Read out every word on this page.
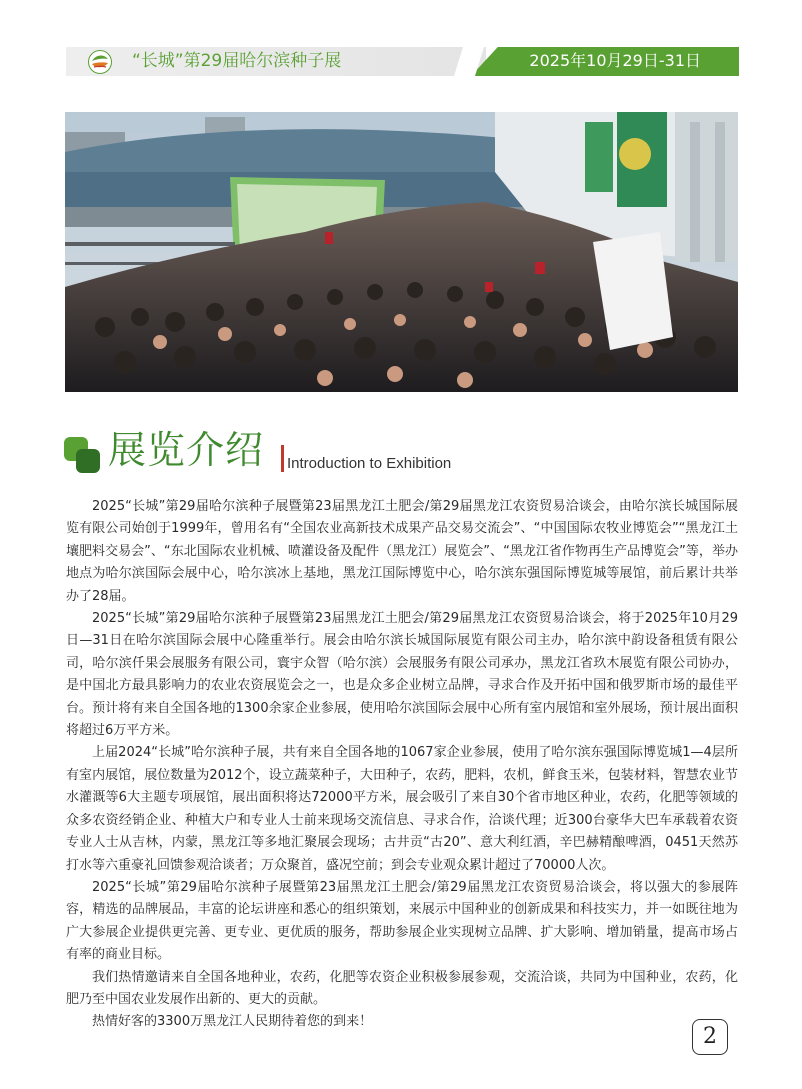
“长城”第29届哈尔滨种子展	2025年10月29日-31日
展览介绍 Introduction to Exhibition

2025“长城”第29届哈尔滨种子展暨第23届黑龙江土肥会/第29届黑龙江农资贸易洽谈会，由哈尔滨长城国际展览有限公司始创于1999年，曾用名有“全国农业高新技术成果产品交易交流会”、“中国国际农牧业博览会”“黑龙江土壤肥料交易会”、“东北国际农业机械、喷灌设备及配件（黑龙江）展览会”、“黑龙江省作物再生产品博览会”等，举办地点为哈尔滨国际会展中心，哈尔滨冰上基地，黑龙江国际博览中心，哈尔滨东强国际博览城等展馆，前后累计共举办了28届。

2025“长城”第29届哈尔滨种子展暨第23届黑龙江土肥会/第29届黑龙江农资贸易洽谈会，将于2025年10月29日—31日在哈尔滨国际会展中心隆重举行。展会由哈尔滨长城国际展览有限公司主办，哈尔滨中韵设备租赁有限公司，哈尔滨仟果会展服务有限公司，寰宇众智（哈尔滨）会展服务有限公司承办，黑龙江省玖木展览有限公司协办，是中国北方最具影响力的农业农资展览会之一，也是众多企业树立品牌，寻求合作及开拓中国和俄罗斯市场的最佳平台。预计将有来自全国各地的1300余家企业参展，使用哈尔滨国际会展中心所有室内展馆和室外展场，预计展出面积将超过6万平方米。

上届2024“长城”哈尔滨种子展，共有来自全国各地的1067家企业参展，使用了哈尔滨东强国际博览城1—4层所有室内展馆，展位数量为2012个，设立蔬菜种子，大田种子，农药，肥料，农机，鲜食玉米，包装材料，智慧农业节水灌溉等6大主题专项展馆，展出面积将达72000平方米，展会吸引了来自30个省市地区种业，农药，化肥等领域的众多农资经销企业、种植大户和专业人士前来现场交流信息、寻求合作，洽谈代理；近300台豪华大巴车承载着农资专业人士从吉林，内蒙，黑龙江等多地汇聚展会现场；古井贡“古20”、意大利红酒，辛巴赫精酿啤酒，0451天然苏打水等六重豪礼回馈参观洽谈者；万众聚首，盛况空前；到会专业观众累计超过了70000人次。

2025“长城”第29届哈尔滨种子展暨第23届黑龙江土肥会/第29届黑龙江农资贸易洽谈会，将以强大的参展阵容，精选的品牌展品，丰富的论坛讲座和悉心的组织策划，来展示中国种业的创新成果和科技实力，并一如既往地为广大参展企业提供更完善、更专业、更优质的服务，帮助参展企业实现树立品牌、扩大影响、增加销量，提高市场占有率的商业目标。

我们热情邀请来自全国各地种业，农药，化肥等农资企业积极参展参观，交流洽谈，共同为中国种业，农药，化肥乃至中国农业发展作出新的、更大的贡献。

热情好客的3300万黑龙江人民期待着您的到来！

2
